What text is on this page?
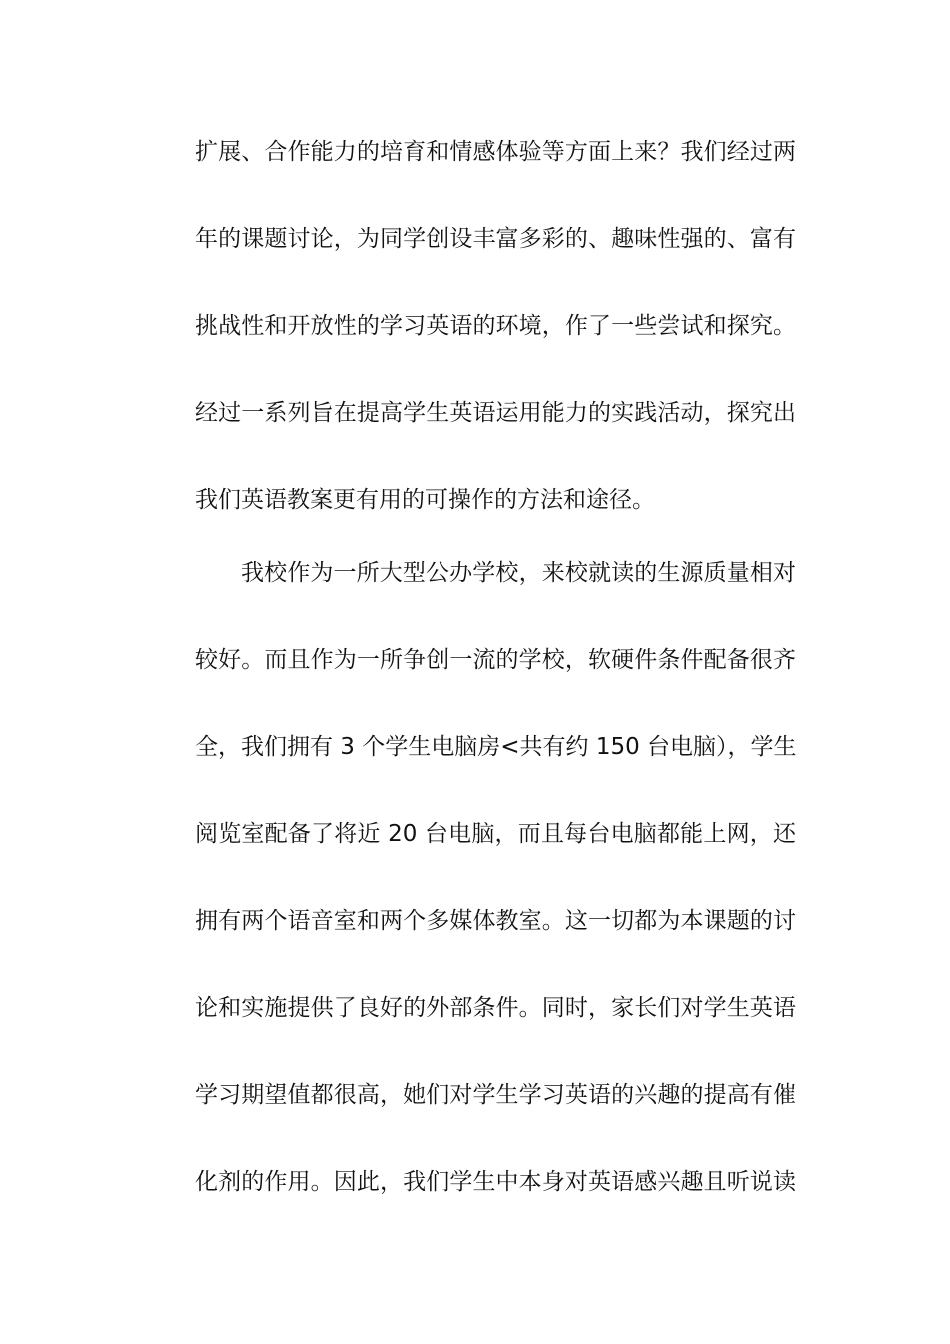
扩展、合作能力的培育和情感体验等方面上来？我们经过两
年的课题讨论，为同学创设丰富多彩的、趣味性强的、富有
挑战性和开放性的学习英语的环境，作了一些尝试和探究。
经过一系列旨在提高学生英语运用能力的实践活动，探究出
我们英语教案更有用的可操作的方法和途径。
我校作为一所大型公办学校，来校就读的生源质量相对
较好。而且作为一所争创一流的学校，软硬件条件配备很齐
全，我们拥有 3 个学生电脑房<共有约 150 台电脑），学生
阅览室配备了将近 20 台电脑，而且每台电脑都能上网，还
拥有两个语音室和两个多媒体教室。这一切都为本课题的讨
论和实施提供了良好的外部条件。同时，家长们对学生英语
学习期望值都很高，她们对学生学习英语的兴趣的提高有催
化剂的作用。因此，我们学生中本身对英语感兴趣且听说读
